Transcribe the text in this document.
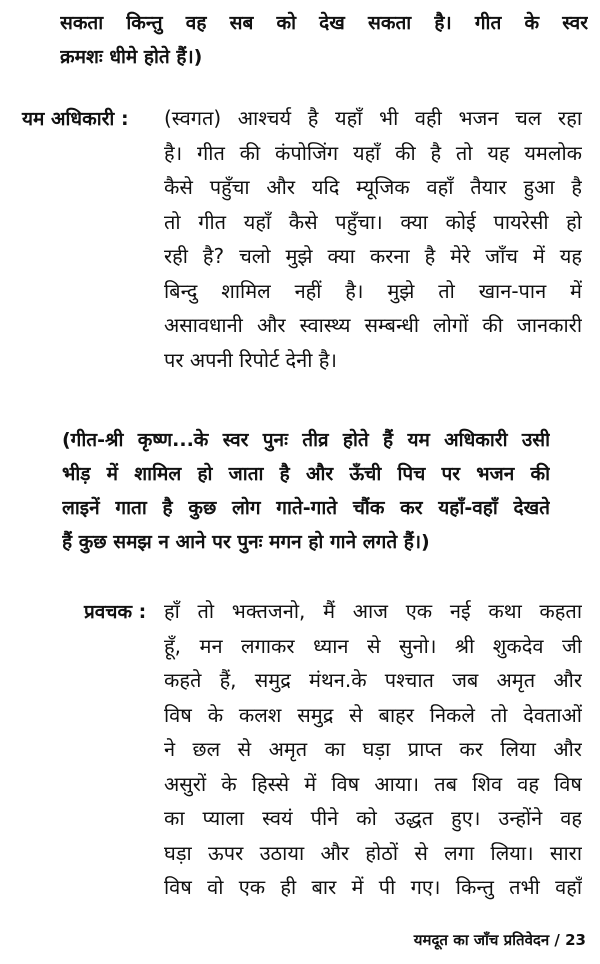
सकता किन्तु वह सब को देख सकता है। गीत के स्वर
क्रमशः धीमे होते हैं।)
यम अधिकारी : (स्वगत) आश्चर्य है यहाँ भी वही भजन चल रहा
है। गीत की कंपोजिंग यहाँ की है तो यह यमलोक
कैसे पहुँचा और यदि म्यूजिक वहाँ तैयार हुआ है
तो गीत यहाँ कैसे पहुँचा। क्या कोई पायरेसी हो
रही है? चलो मुझे क्या करना है मेरे जाँच में यह
बिन्दु शामिल नहीं है। मुझे तो खान-पान में
असावधानी और स्वास्थ्य सम्बन्धी लोगों की जानकारी
पर अपनी रिपोर्ट देनी है।
(गीत-श्री कृष्ण...के स्वर पुनः तीव्र होते हैं यम अधिकारी उसी
भीड़ में शामिल हो जाता है और ऊँची पिच पर भजन की
लाइनें गाता है कुछ लोग गाते-गाते चौंक कर यहाँ-वहाँ देखते
हैं कुछ समझ न आने पर पुनः मगन हो गाने लगते हैं।)
प्रवचक : हाँ तो भक्तजनो, मैं आज एक नई कथा कहता
हूँ, मन लगाकर ध्यान से सुनो। श्री शुकदेव जी
कहते हैं, समुद्र मंथन.के पश्चात जब अमृत और
विष के कलश समुद्र से बाहर निकले तो देवताओं
ने छल से अमृत का घड़ा प्राप्त कर लिया और
असुरों के हिस्से में विष आया। तब शिव वह विष
का प्याला स्वयं पीने को उद्धत हुए। उन्होंने वह
घड़ा ऊपर उठाया और होठों से लगा लिया। सारा
विष वो एक ही बार में पी गए। किन्तु तभी वहाँ
यमदूत का जाँच प्रतिवेदन / 23
